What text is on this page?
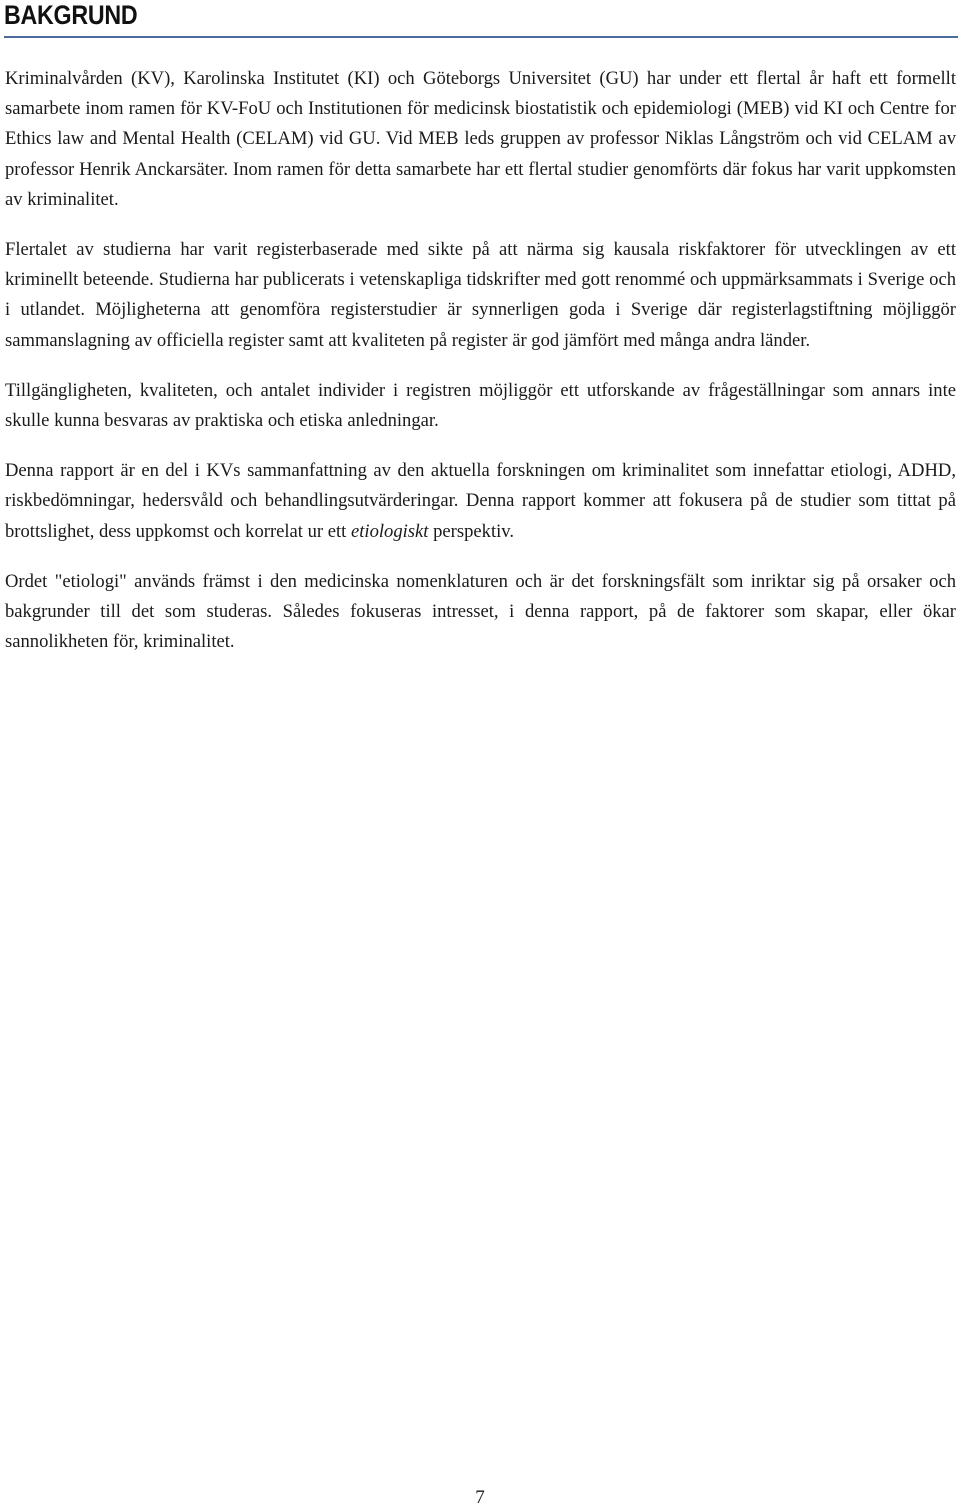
BAKGRUND

Kriminalvården (KV), Karolinska Institutet (KI) och Göteborgs Universitet (GU) har under ett flertal år haft ett formellt samarbete inom ramen för KV-FoU och Institutionen för medicinsk biostatistik och epidemiologi (MEB) vid KI och Centre for Ethics law and Mental Health (CELAM) vid GU. Vid MEB leds gruppen av professor Niklas Långström och vid CELAM av professor Henrik Anckarsäter. Inom ramen för detta samarbete har ett flertal studier genomförts där fokus har varit uppkomsten av kriminalitet.

Flertalet av studierna har varit registerbaserade med sikte på att närma sig kausala riskfaktorer för utvecklingen av ett kriminellt beteende. Studierna har publicerats i vetenskapliga tidskrifter med gott renommé och uppmärksammats i Sverige och i utlandet. Möjligheterna att genomföra registerstudier är synnerligen goda i Sverige där registerlagstiftning möjliggör sammanslagning av officiella register samt att kvaliteten på register är god jämfört med många andra länder.

Tillgängligheten, kvaliteten, och antalet individer i registren möjliggör ett utforskande av frågeställningar som annars inte skulle kunna besvaras av praktiska och etiska anledningar.

Denna rapport är en del i KVs sammanfattning av den aktuella forskningen om kriminalitet som innefattar etiologi, ADHD, riskbedömningar, hedersvåld och behandlingsutvärderingar. Denna rapport kommer att fokusera på de studier som tittat på brottslighet, dess uppkomst och korrelat ur ett etiologiskt perspektiv.

Ordet "etiologi" används främst i den medicinska nomenklaturen och är det forskningsfält som inriktar sig på orsaker och bakgrunder till det som studeras. Således fokuseras intresset, i denna rapport, på de faktorer som skapar, eller ökar sannolikheten för, kriminalitet.

7
